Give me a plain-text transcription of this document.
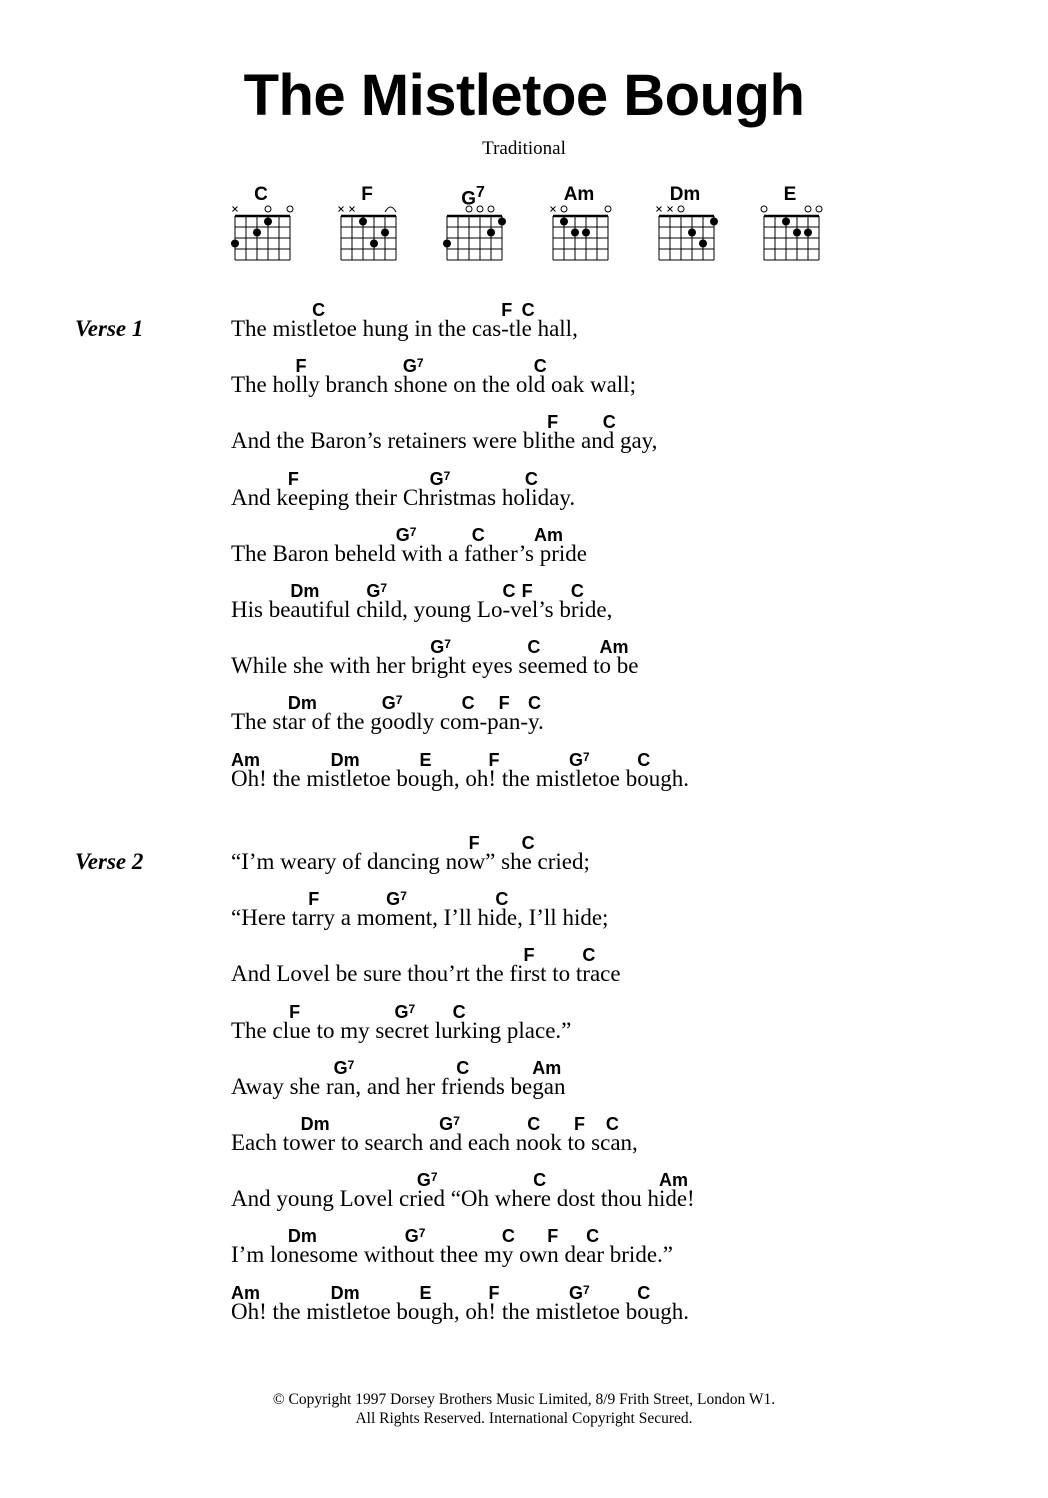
The Mistletoe Bough
Traditional
C	F	$G^7$	Am	Dm	E
Verse 1
C	F C
The mistletoe hung in the cas-tle hall,
F	$G^7$	C
The holly branch shone on the old oak wall;
F C
And the Baron’s retainers were blithe and gay,
F	$G^7$	C
And keeping their Christmas holiday.
$G^7$	C	Am
The Baron beheld with a father’s pride
Dm	$G^7$	C F C
His beautiful child, young Lo-vel’s bride,
$G^7$	C	Am
While she with her bright eyes seemed to be
Dm	$G^7$	C F C
The star of the goodly com-pan-y.
Am	Dm	E	F	$G^7$	C
Oh! the mistletoe bough, oh! the mistletoe bough.
Verse 2
F C
“I’m weary of dancing now” she cried;
F	$G^7$	C
“Here tarry a moment, I’ll hide, I’ll hide;
F	C
And Lovel be sure thou’rt the first to trace
F	$G^7$ C
The clue to my secret lurking place.”
$G^7$	C	Am
Away she ran, and her friends began
Dm	$G^7$	C F C
Each tower to search and each nook to scan,
$G^7$	C	Am
And young Lovel cried “Oh where dost thou hide!
Dm	$G^7$	C F C
I’m lonesome without thee my own dear bride.”
Am	Dm	E	F	$G^7$	C
Oh! the mistletoe bough, oh! the mistletoe bough.
© Copyright 1997 Dorsey Brothers Music Limited, 8/9 Frith Street, London W1.
All Rights Reserved. International Copyright Secured.
